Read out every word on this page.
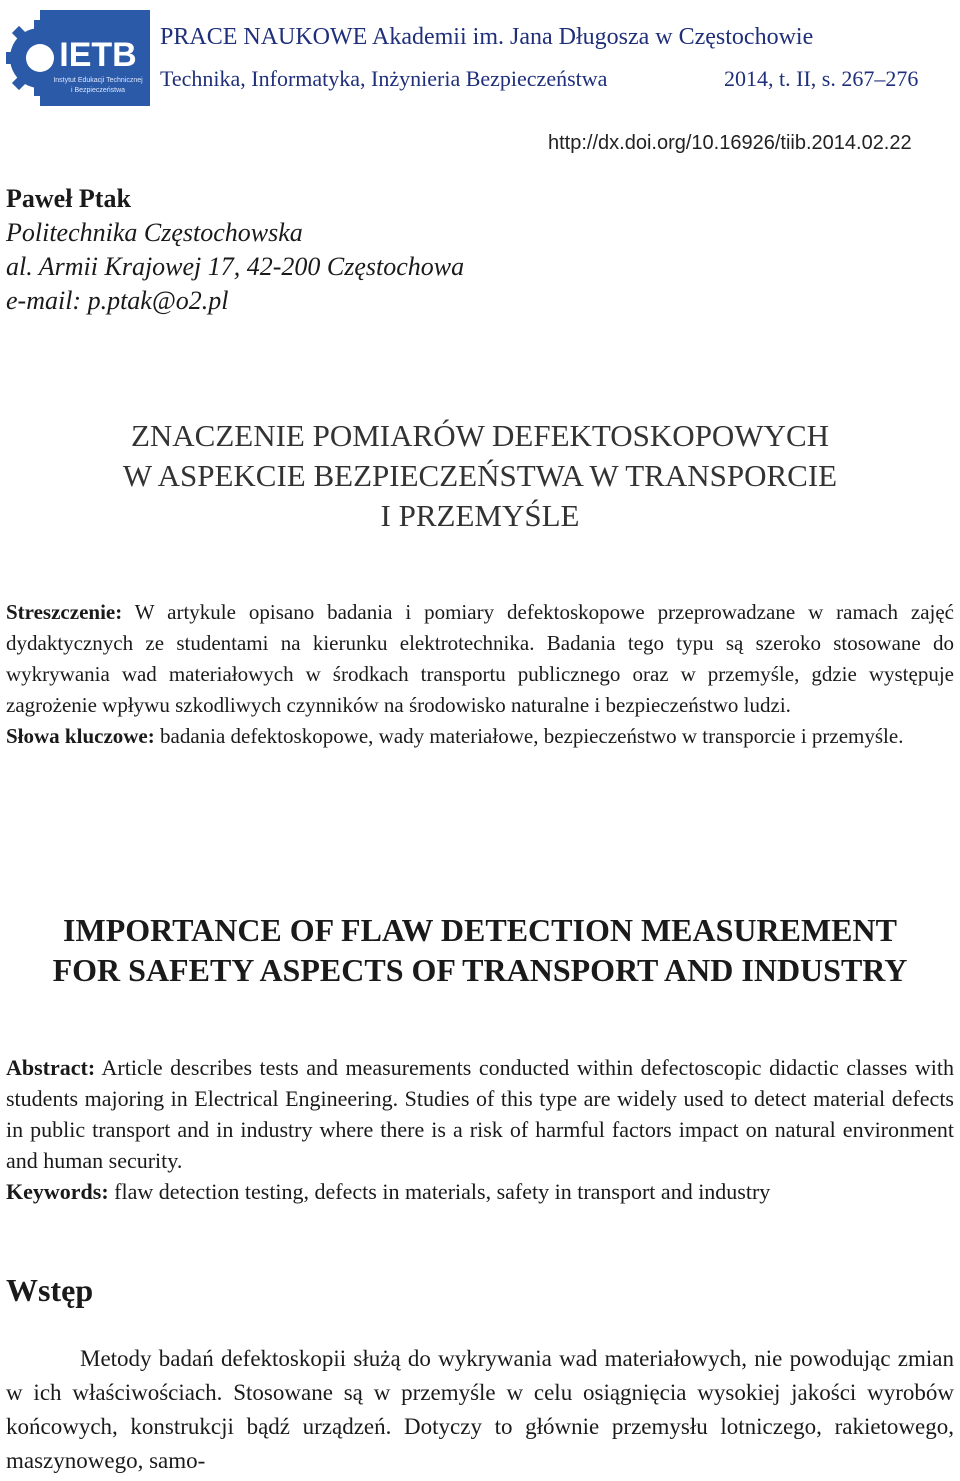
IETB
Instytut Edukacji Technicznej
i Bezpieczeństwa
PRACE NAUKOWE Akademii im. Jana Długosza w Częstochowie
Technika, Informatyka, Inżynieria Bezpieczeństwa	2014, t. II, s. 267–276
http://dx.doi.org/10.16926/tiib.2014.02.22
Paweł Ptak
Politechnika Częstochowska
al. Armii Krajowej 17, 42-200 Częstochowa
e-mail: p.ptak@o2.pl
ZNACZENIE POMIARÓW DEFEKTOSKOPOWYCH
W ASPEKCIE BEZPIECZEŃSTWA W TRANSPORCIE
I PRZEMYŚLE
Streszczenie: W artykule opisano badania i pomiary defektoskopowe przeprowadzane w ramach zajęć dydaktycznych ze studentami na kierunku elektrotechnika. Badania tego typu są szeroko stosowane do wykrywania wad materiałowych w środkach transportu publicznego oraz w przemyśle, gdzie występuje zagrożenie wpływu szkodliwych czynników na środowisko naturalne i bezpieczeństwo ludzi.
Słowa kluczowe: badania defektoskopowe, wady materiałowe, bezpieczeństwo w transporcie i przemyśle.
IMPORTANCE OF FLAW DETECTION MEASUREMENT
FOR SAFETY ASPECTS OF TRANSPORT AND INDUSTRY
Abstract: Article describes tests and measurements conducted within defectoscopic didactic classes with students majoring in Electrical Engineering. Studies of this type are widely used to detect material defects in public transport and in industry where there is a risk of harmful factors impact on natural environment and human security.
Keywords: flaw detection testing, defects in materials, safety in transport and industry
Wstęp
Metody badań defektoskopii służą do wykrywania wad materiałowych, nie powodując zmian w ich właściwościach. Stosowane są w przemyśle w celu osiągnięcia wysokiej jakości wyrobów końcowych, konstrukcji bądź urządzeń. Dotyczy to głównie przemysłu lotniczego, rakietowego, maszynowego, samo-
